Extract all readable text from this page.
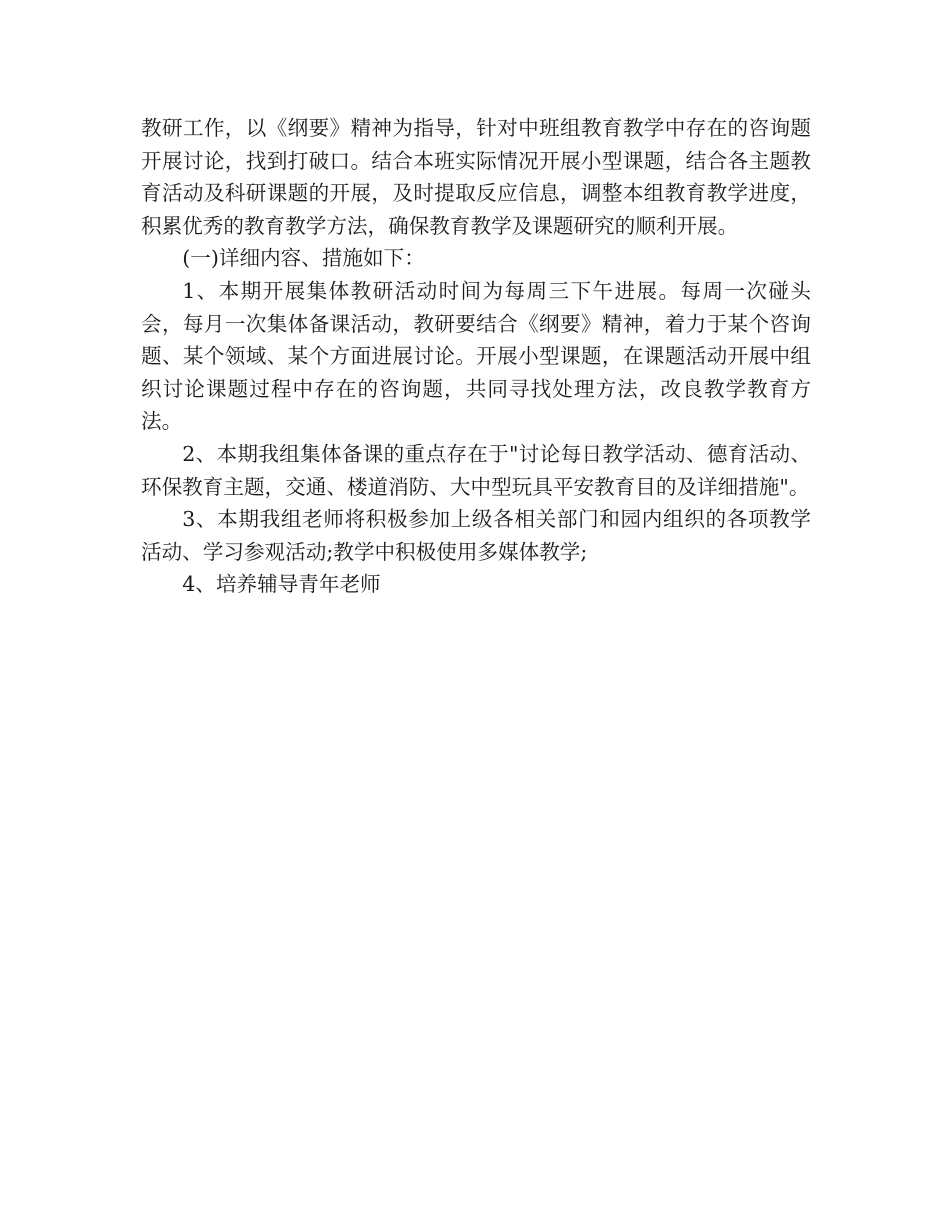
教研工作，以《纲要》精神为指导，针对中班组教育教学中存在的咨询题开展讨论，找到打破口。结合本班实际情况开展小型课题，结合各主题教育活动及科研课题的开展，及时提取反应信息，调整本组教育教学进度，积累优秀的教育教学方法，确保教育教学及课题研究的顺利开展。

(一)详细内容、措施如下：

1、本期开展集体教研活动时间为每周三下午进展。每周一次碰头会，每月一次集体备课活动，教研要结合《纲要》精神，着力于某个咨询题、某个领域、某个方面进展讨论。开展小型课题，在课题活动开展中组织讨论课题过程中存在的咨询题，共同寻找处理方法，改良教学教育方法。

2、本期我组集体备课的重点存在于"讨论每日教学活动、德育活动、环保教育主题，交通、楼道消防、大中型玩具平安教育目的及详细措施"。

3、本期我组老师将积极参加上级各相关部门和园内组织的各项教学活动、学习参观活动;教学中积极使用多媒体教学;

4、培养辅导青年老师
